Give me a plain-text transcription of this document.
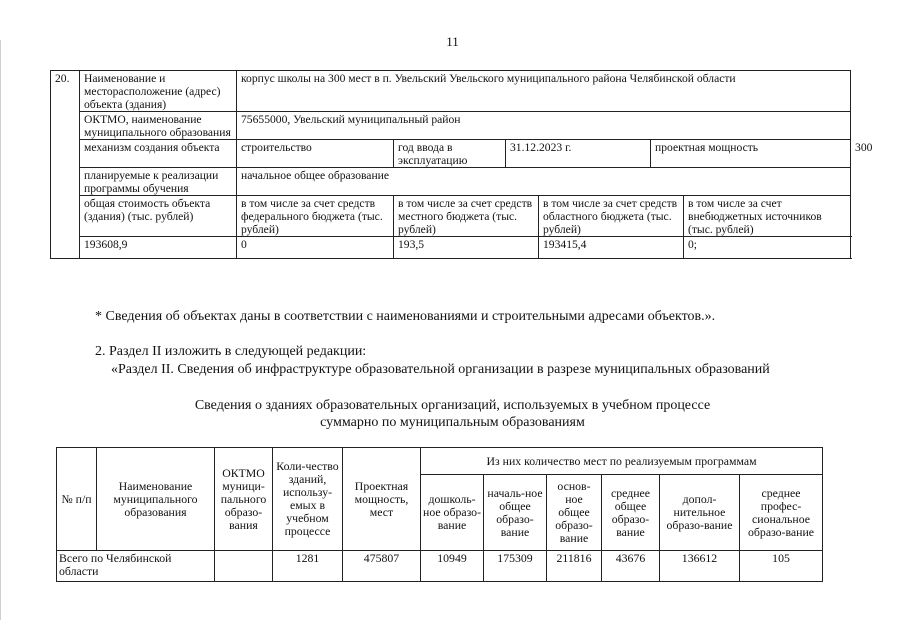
11
20.	Наименование и месторасположение (адрес) объекта (здания)	корпус школы на 300 мест в п. Увельский Увельского муниципального района Челябинской области						
	ОКТМО, наименование муниципального образования	75655000, Увельский муниципальный район						
	механизм создания объекта	строительство	год ввода в эксплуатацию	31.12.2023 г.		проектная мощность		300
	планируемые к реализации программы обучения	начальное общее образование						
	общая стоимость объекта (здания) (тыс. рублей)	в том числе за счет средств федерального бюджета (тыс. рублей)	в том числе за счет средств местного бюджета (тыс. рублей)		в том числе за счет средств областного бюджета (тыс. рублей)		в том числе за счет внебюджетных источников (тыс. рублей)	
	193608,9	0	193,5		193415,4		0;	
* Сведения об объектах даны в соответствии с наименованиями и строительными адресами объектов.».
2. Раздел II изложить в следующей редакции:
«Раздел II. Сведения об инфраструктуре образовательной организации в разрезе муниципальных образований
Сведения о зданиях образовательных организаций, используемых в учебном процессе
суммарно по муниципальным образованиям
№ п/п	Наименование муниципального образования	ОКТМО муници-пального образо-вания	Коли-чество зданий, использу-емых в учебном процессе	Проектная мощность, мест	Из них количество мест по реализуемым программам					
					дошколь-ное образо-вание	началь-ное общее образо-вание	основ-ное общее образо-вание	среднее общее образо-вание	допол-нительное образо-вание	среднее профес-сиональное образо-вание
Всего по Челябинской области			1281	475807	10949	175309	211816	43676	136612	105
